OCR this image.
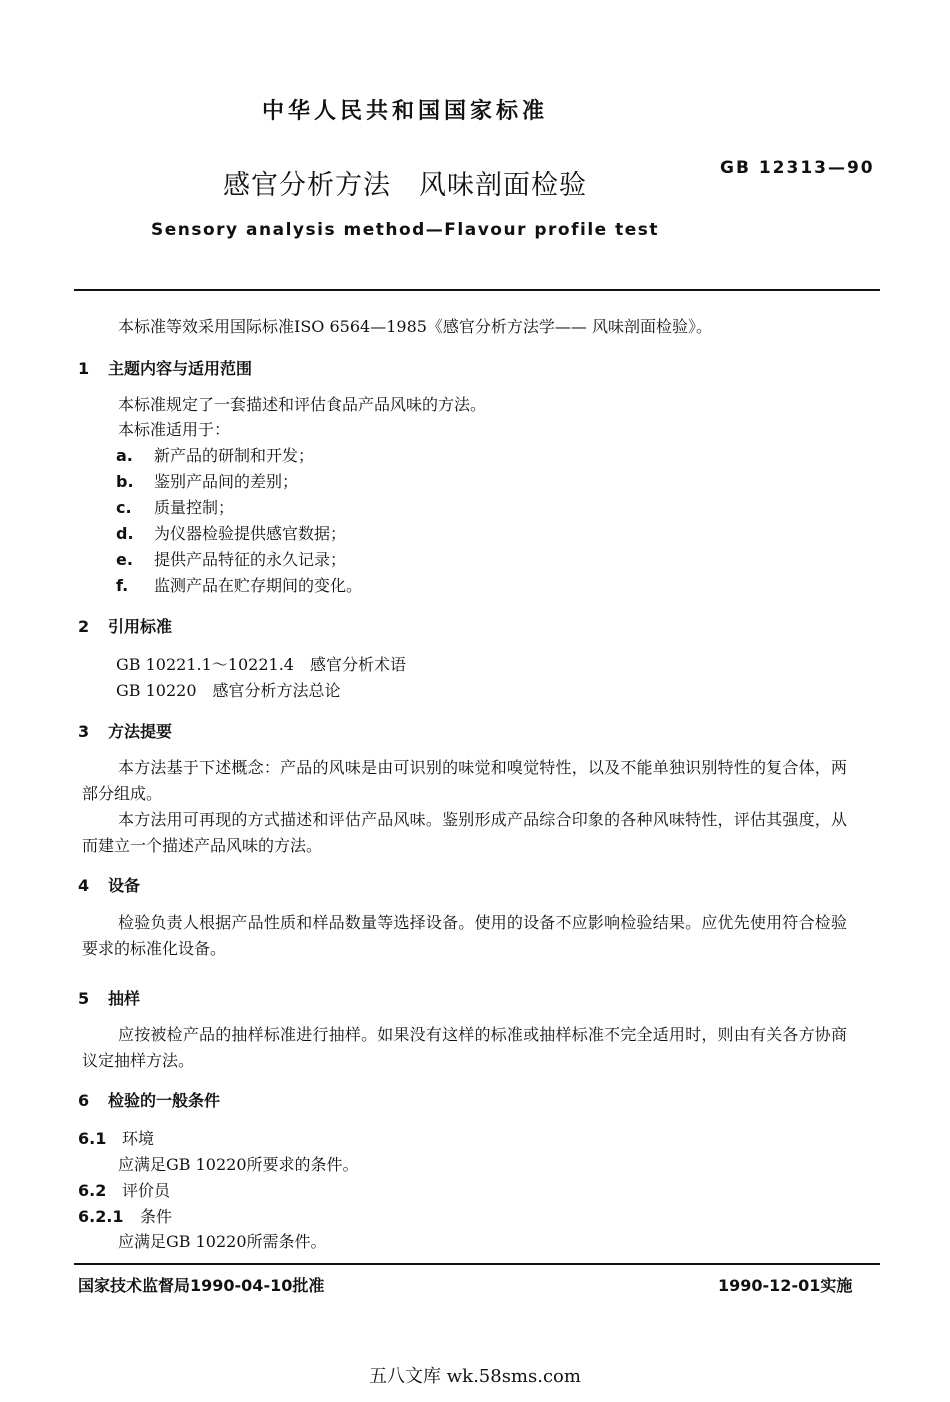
中华人民共和国国家标准
感官分析方法　风味剖面检验
GB 12313—90
Sensory analysis method—Flavour profile test
本标准等效采用国际标准ISO 6564—1985《感官分析方法学—— 风味剖面检验》。
1 主题内容与适用范围
本标准规定了一套描述和评估食品产品风味的方法。
本标准适用于：
a. 新产品的研制和开发；
b. 鉴别产品间的差别；
c. 质量控制；
d. 为仪器检验提供感官数据；
e. 提供产品特征的永久记录；
f. 监测产品在贮存期间的变化。
2 引用标准
GB 10221.1～10221.4　感官分析术语
GB 10220　感官分析方法总论
3 方法提要
本方法基于下述概念：产品的风味是由可识别的味觉和嗅觉特性，以及不能单独识别特性的复合体，两部分组成。
本方法用可再现的方式描述和评估产品风味。鉴别形成产品综合印象的各种风味特性，评估其强度，从而建立一个描述产品风味的方法。
4 设备
检验负责人根据产品性质和样品数量等选择设备。使用的设备不应影响检验结果。应优先使用符合检验要求的标准化设备。
5 抽样
应按被检产品的抽样标准进行抽样。如果没有这样的标准或抽样标准不完全适用时，则由有关各方协商议定抽样方法。
6 检验的一般条件
6.1 环境
应满足GB 10220所要求的条件。
6.2 评价员
6.2.1 条件
应满足GB 10220所需条件。
国家技术监督局1990-04-10批准	1990-12-01实施
五八文库 wk.58sms.com
